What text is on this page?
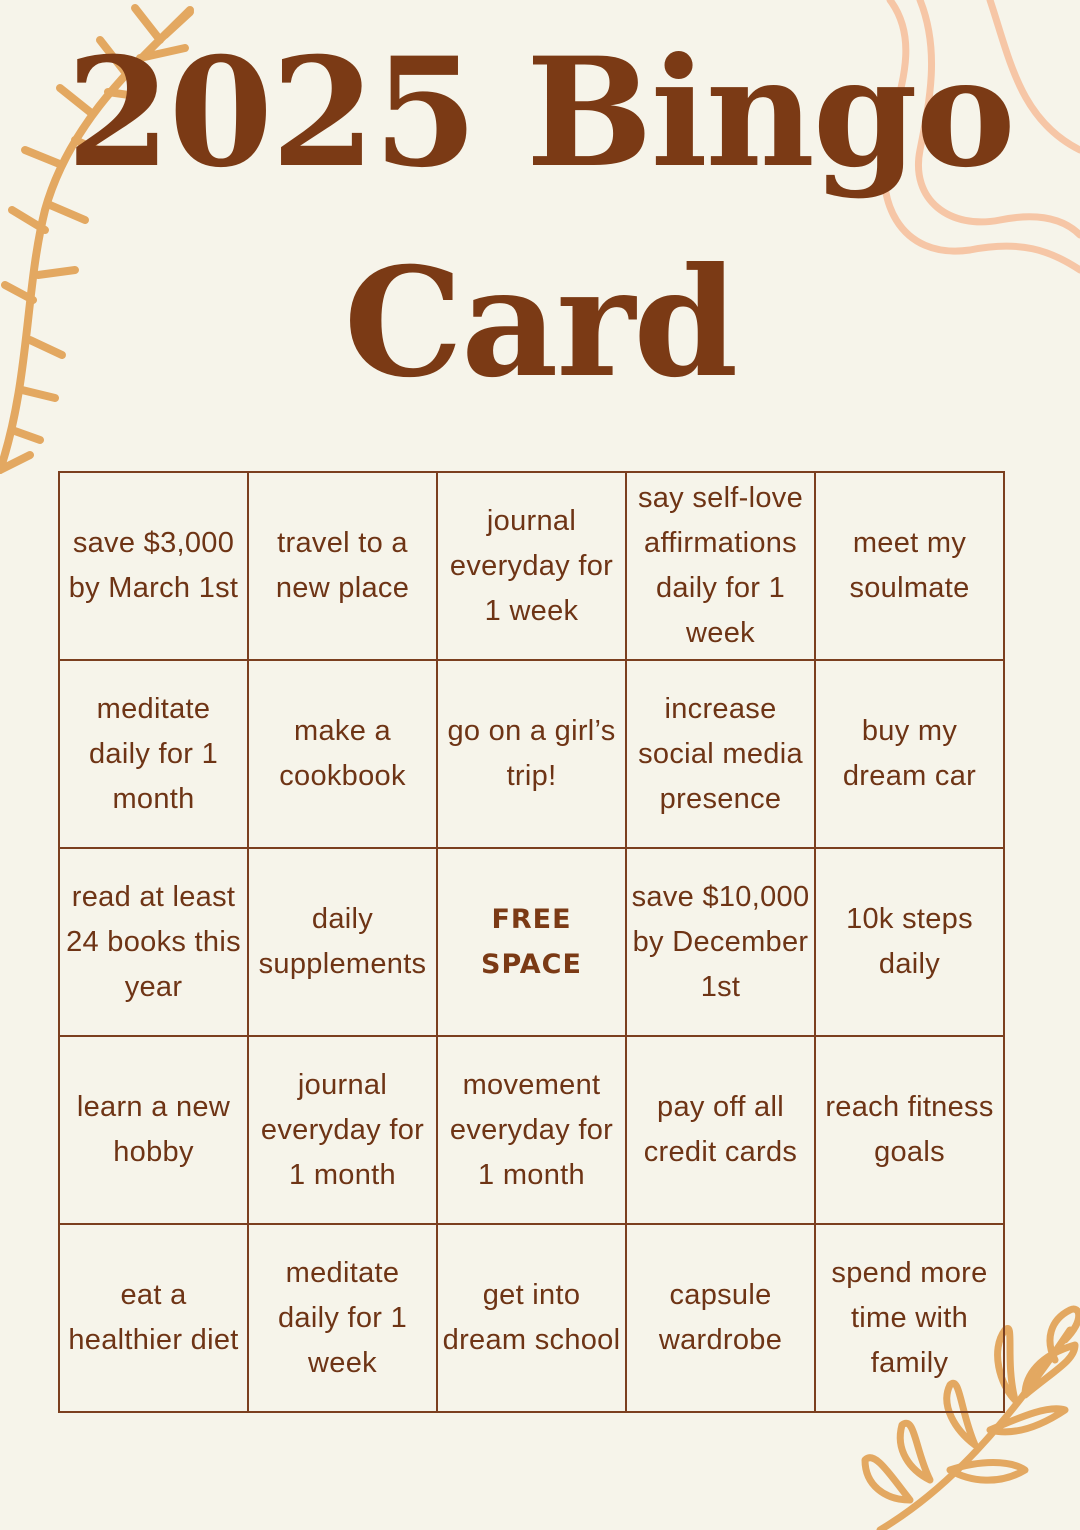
2025 Bingo
Card
save $3,000 by March 1st	travel to a new place	journal everyday for 1 week	say self-love affirmations daily for 1 week	meet my soulmate
meditate daily for 1 month	make a cookbook	go on a girl’s trip!	increase social media presence	buy my dream car
read at least 24 books this year	daily supplements	FREE SPACE	save $10,000 by December 1st	10k steps daily
learn a new hobby	journal everyday for 1 month	movement everyday for 1 month	pay off all credit cards	reach fitness goals
eat a healthier diet	meditate daily for 1 week	get into dream school	capsule wardrobe	spend more time with family
